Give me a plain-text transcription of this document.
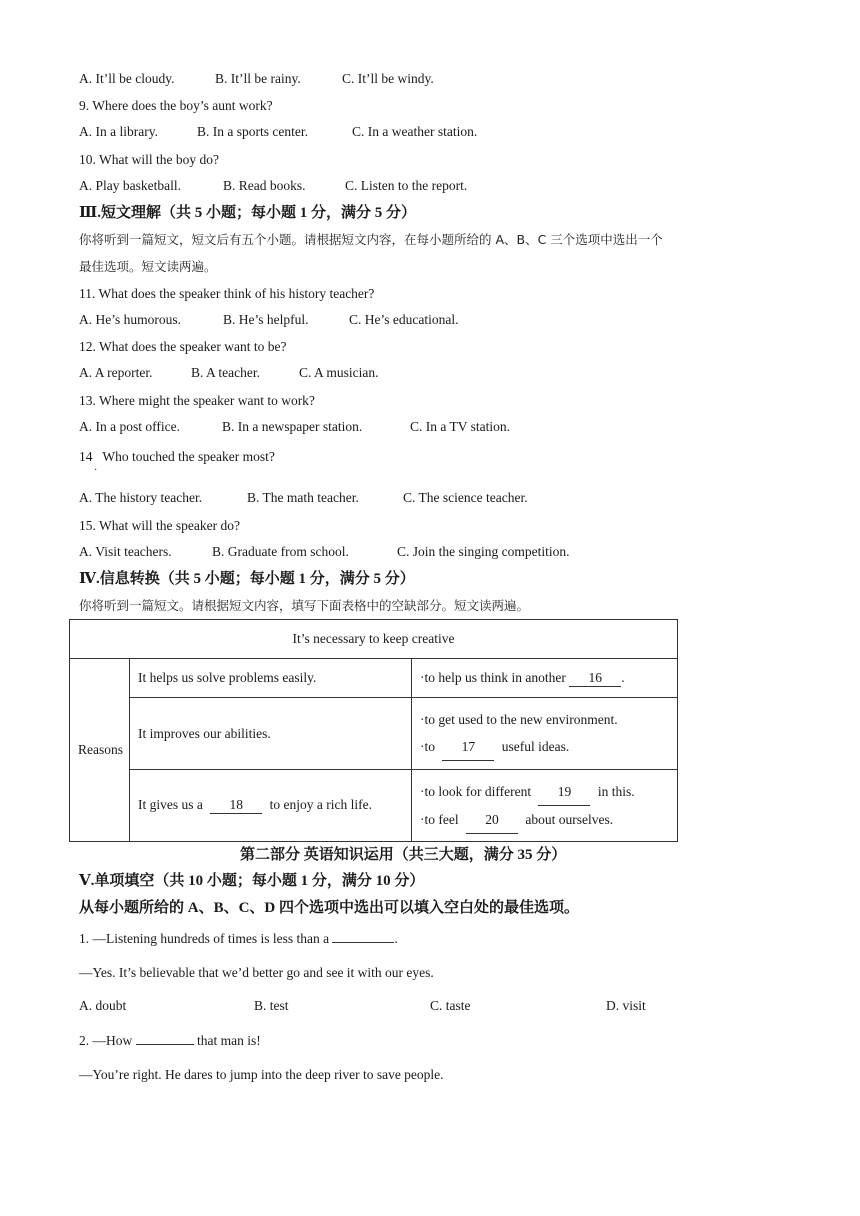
A. It’ll be cloudy.	B. It’ll be rainy.	C. It’ll be windy.
9. Where does the boy’s aunt work?
A. In a library.	B. In a sports center.	C. In a weather station.
10. What will the boy do?
A. Play basketball.	B. Read books.	C. Listen to the report.
Ⅲ.短文理解（共 5 小题；每小题 1 分，满分 5 分）
你将听到一篇短文，短文后有五个小题。请根据短文内容，在每小题所给的 A、B、C 三个选项中选出一个
最佳选项。短文读两遍。
11. What does the speaker think of his history teacher?
A. He’s humorous.	B. He’s helpful.	C. He’s educational.
12. What does the speaker want to be?
A. A reporter.	B. A teacher.	C. A musician.
13. Where might the speaker want to work?
A. In a post office.	B. In a newspaper station.	C. In a TV station.
14   Who touched the speaker most?
·
A. The history teacher.	B. The math teacher.	C. The science teacher.
15. What will the speaker do?
A. Visit teachers.	B. Graduate from school.	C. Join the singing competition.
Ⅳ.信息转换（共 5 小题；每小题 1 分，满分 5 分）
你将听到一篇短文。请根据短文内容，填写下面表格中的空缺部分。短文读两遍。
It’s necessary to keep creative		
Reasons	It helps us solve problems easily.	·to help us think in another 16 .
	It improves our abilities.	·to get used to the new environment.
·to 17 useful ideas.

	It gives us a 18 to enjoy a rich life.	·to look for different 19 in this.
·to feel 20 about ourselves.
第二部分 英语知识运用（共三大题，满分 35 分）
Ⅴ.单项填空（共 10 小题；每小题 1 分，满分 10 分）
从每小题所给的 A、B、C、D 四个选项中选出可以填入空白处的最佳选项。
1. —Listening hundreds of times is less than a	.
—Yes. It’s believable that we’d better go and see it with our eyes.
A. doubt	B. test	C. taste	D. visit
2. —How	that man is!
—You’re right. He dares to jump into the deep river to save people.
